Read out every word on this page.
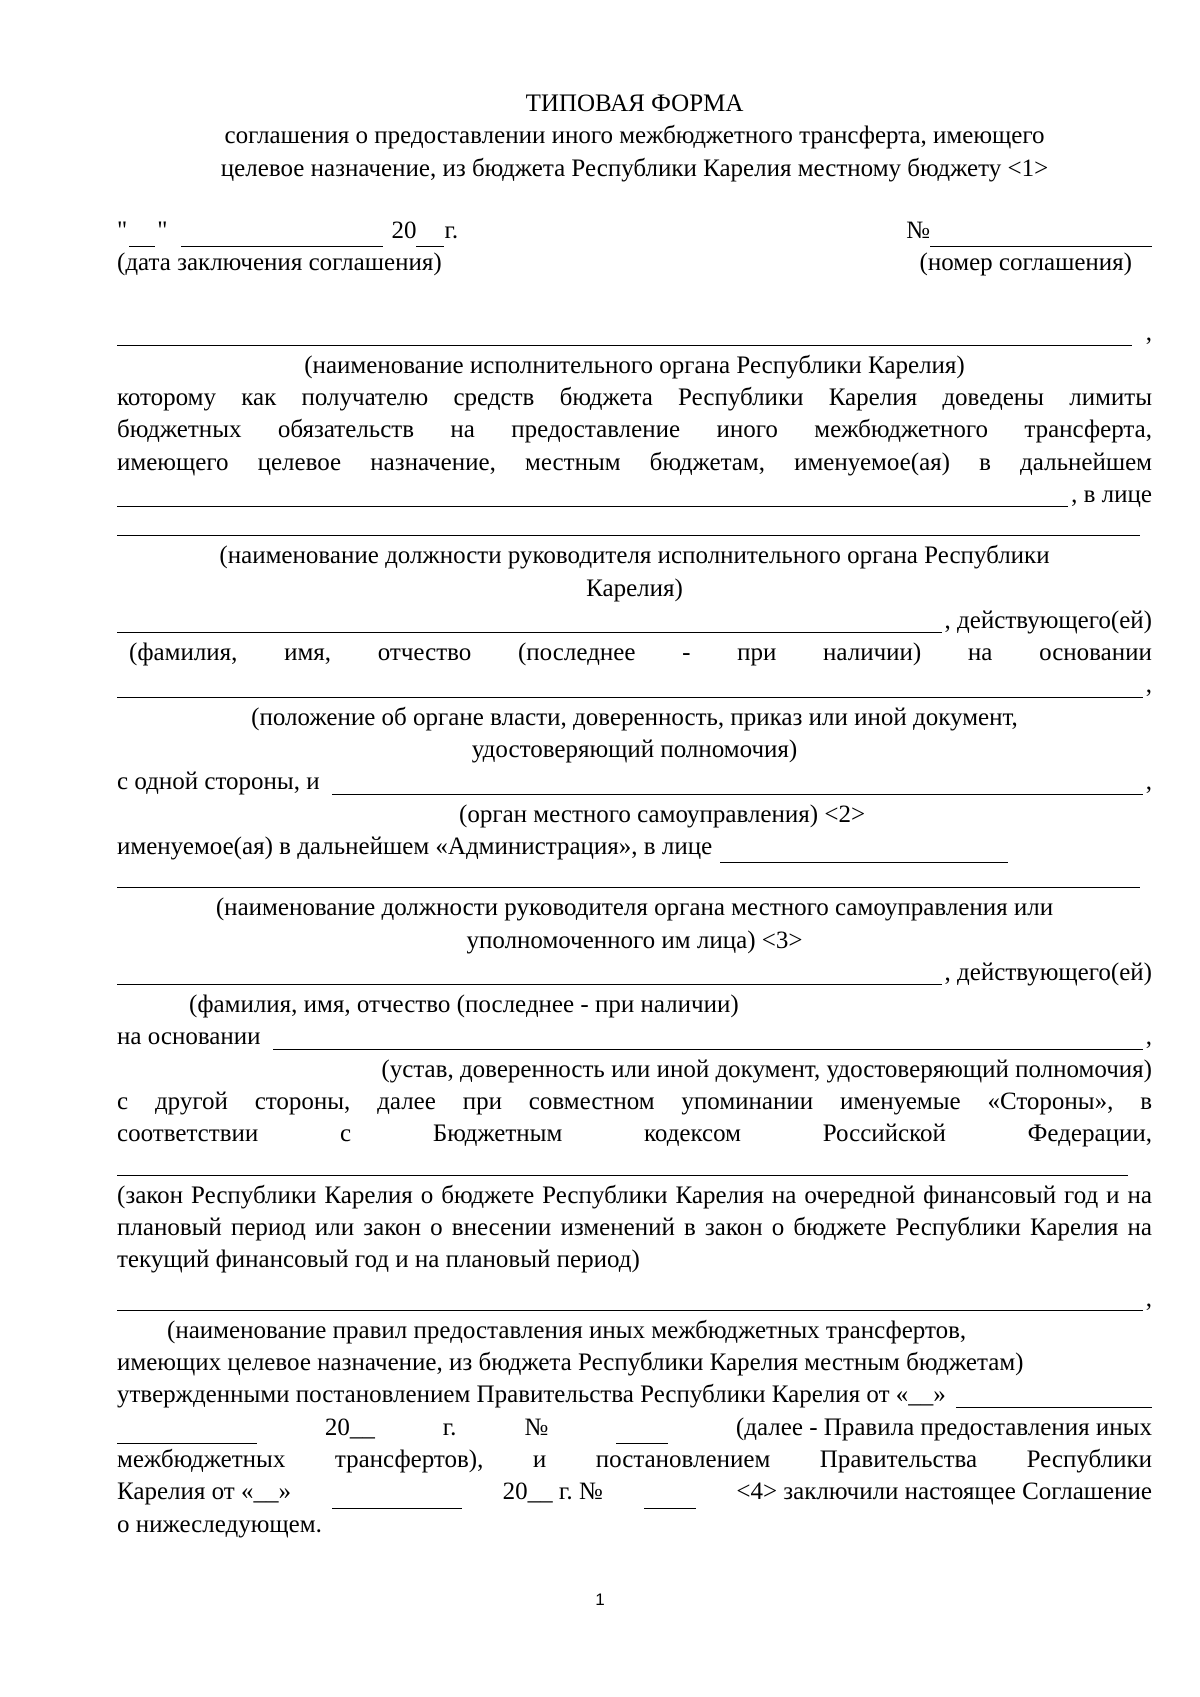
ТИПОВАЯ ФОРМА
соглашения о предоставлении иного межбюджетного трансферта, имеющего
целевое назначение, из бюджета Республики Карелия местному бюджету <1>
" "	20 г.	№
(дата заключения соглашения)	(номер соглашения)
,
(наименование исполнительного органа Республики Карелия)
которому как получателю средств бюджета Республики Карелия доведены лимиты
бюджетных обязательств на предоставление иного межбюджетного трансферта,
имеющего целевое назначение, местным бюджетам, именуемое(ая) в дальнейшем
, в лице
(наименование должности руководителя исполнительного органа Республики
Карелия)
, действующего(ей)
(фамилия, имя, отчество (последнее - при наличии) на основании
,
(положение об органе власти, доверенность, приказ или иной документ,
удостоверяющий полномочия)
с одной стороны, и	,
(орган местного самоуправления) <2>
именуемое(ая) в дальнейшем «Администрация», в лице
(наименование должности руководителя органа местного самоуправления или
уполномоченного им лица) <3>
, действующего(ей)
(фамилия, имя, отчество (последнее - при наличии)
на основании	,
(устав, доверенность или иной документ, удостоверяющий полномочия)
с другой стороны, далее при совместном упоминании именуемые «Стороны», в
соответствии	с	Бюджетным	кодексом	Российской	Федерации,
(закон Республики Карелия о бюджете Республики Карелия на очередной финансовый год и на плановый период или закон о внесении изменений в закон о бюджете Республики Карелия на текущий финансовый год и на плановый период)
,
(наименование правил предоставления иных межбюджетных трансфертов,
имеющих целевое назначение, из бюджета Республики Карелия местным бюджетам)
утвержденными постановлением Правительства Республики Карелия от «__»
20__	г.	№	(далее - Правила предоставления иных
межбюджетных трансфертов), и постановлением Правительства Республики
Карелия от «__»	20__ г. №	<4> заключили настоящее Соглашение
о нижеследующем.
1
